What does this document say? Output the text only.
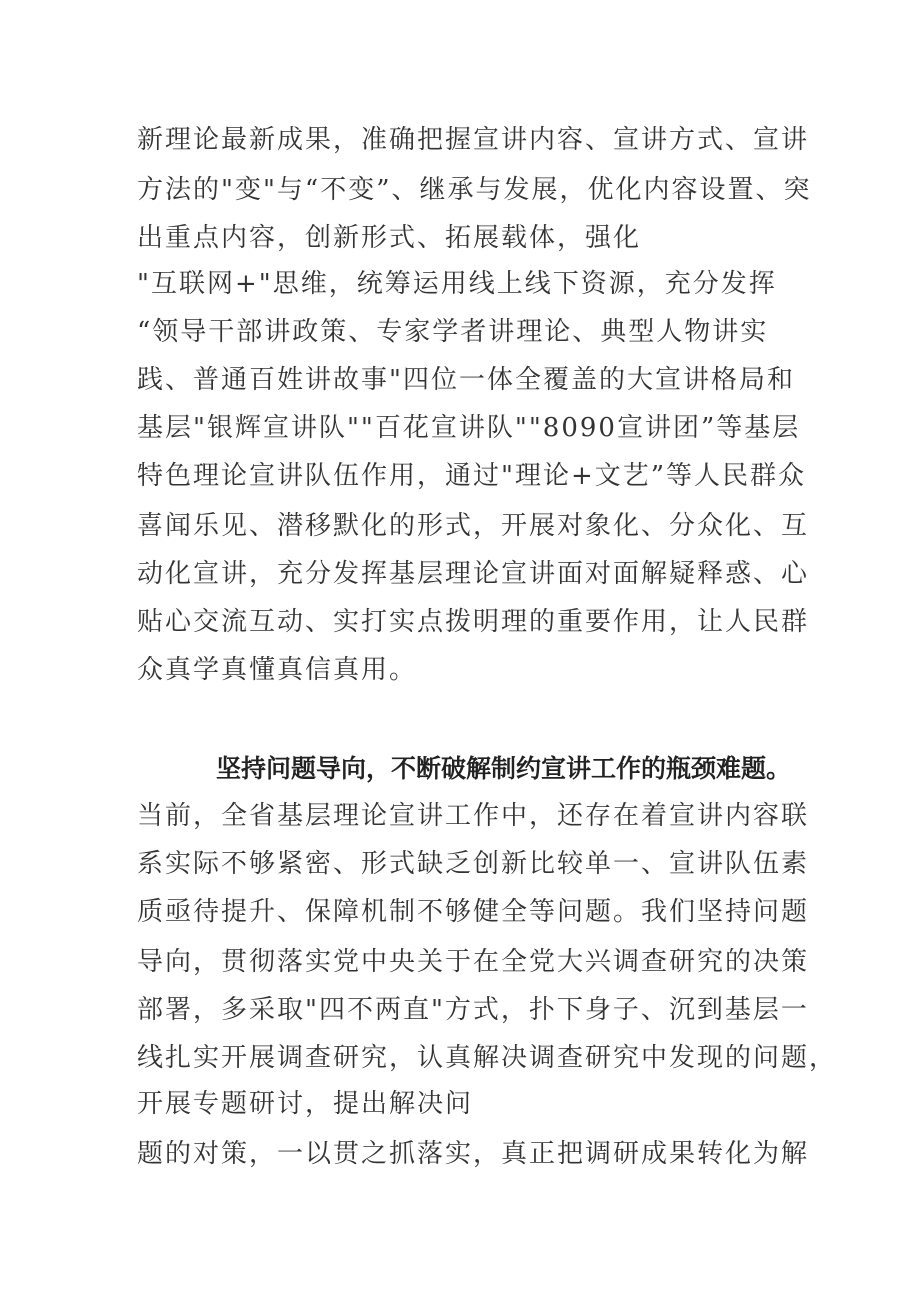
新理论最新成果，准确把握宣讲内容、宣讲方式、宣讲
方法的"变"与“不变”、继承与发展，优化内容设置、突
出重点内容，创新形式、拓展载体，强化
"互联网+"思维，统筹运用线上线下资源，充分发挥
“领导干部讲政策、专家学者讲理论、典型人物讲实
践、普通百姓讲故事"四位一体全覆盖的大宣讲格局和
基层"银辉宣讲队""百花宣讲队""8090宣讲团”等基层
特色理论宣讲队伍作用，通过"理论+文艺”等人民群众
喜闻乐见、潜移默化的形式，开展对象化、分众化、互
动化宣讲，充分发挥基层理论宣讲面对面解疑释惑、心
贴心交流互动、实打实点拨明理的重要作用，让人民群
众真学真懂真信真用。
坚持问题导向，不断破解制约宣讲工作的瓶颈难题。
当前，全省基层理论宣讲工作中，还存在着宣讲内容联
系实际不够紧密、形式缺乏创新比较单一、宣讲队伍素
质亟待提升、保障机制不够健全等问题。我们坚持问题
导向，贯彻落实党中央关于在全党大兴调查研究的决策
部署，多采取"四不两直"方式，扑下身子、沉到基层一
线扎实开展调查研究，认真解决调查研究中发现的问题，
开展专题研讨，提出解决问
题的对策，一以贯之抓落实，真正把调研成果转化为解
